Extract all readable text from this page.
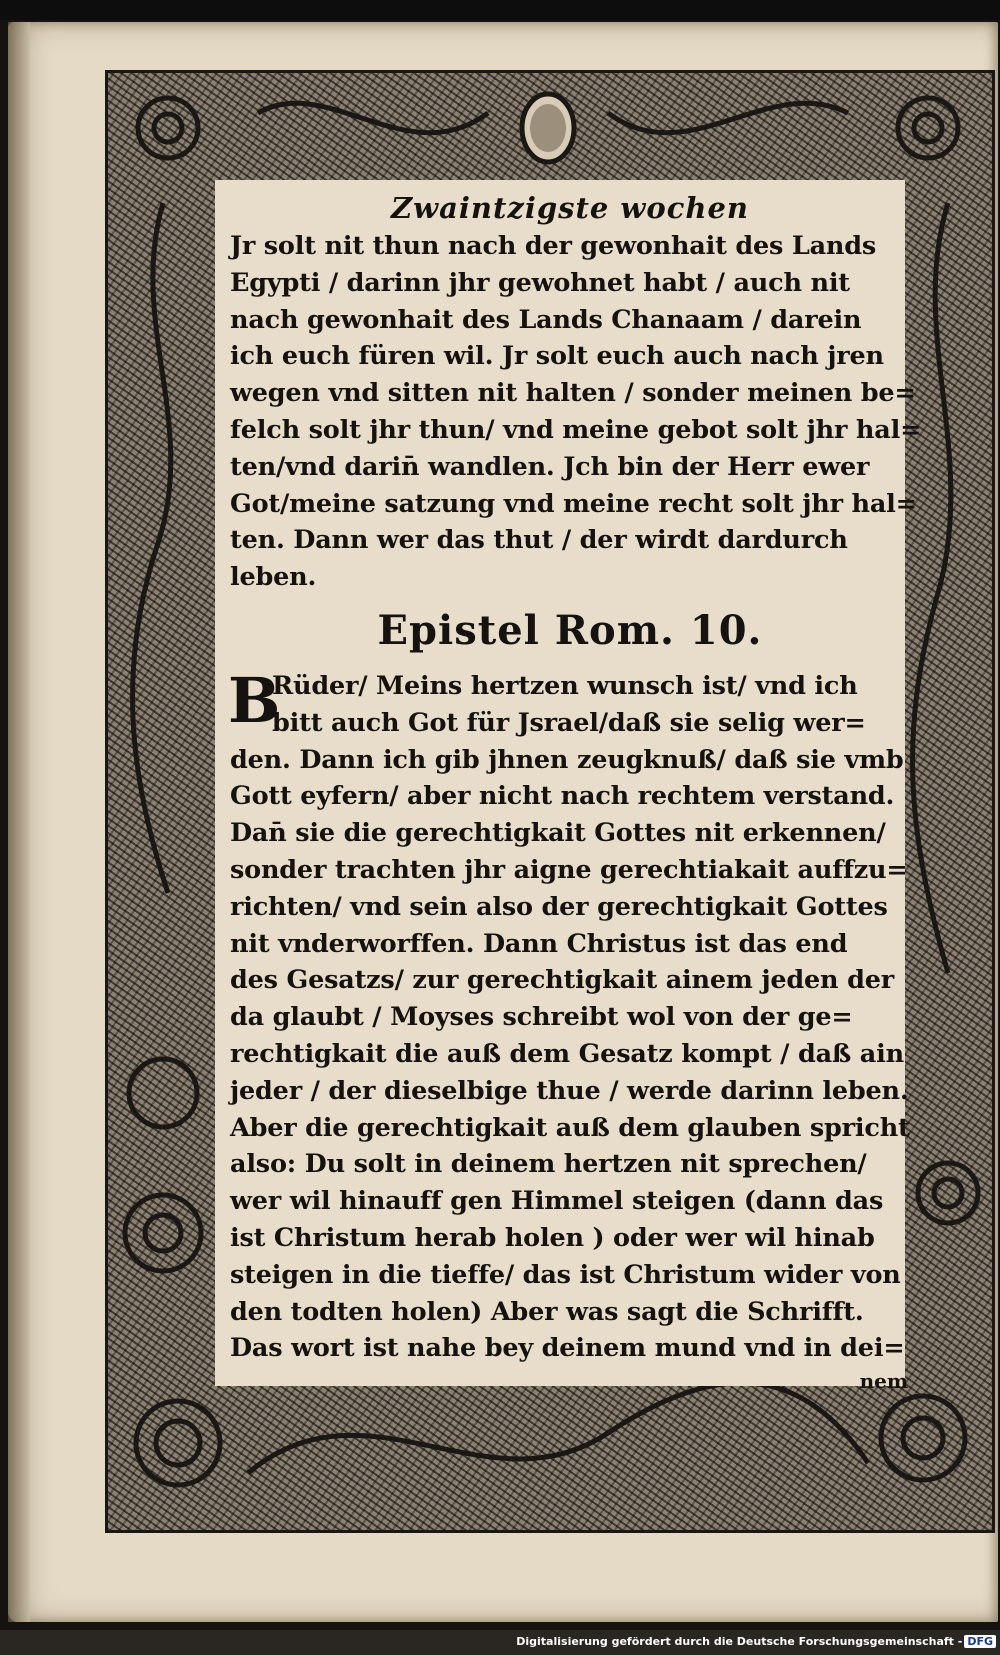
Zwaintzigste wochen
Jr solt nit thun nach der gewonhait des Lands
Egypti / darinn jhr gewohnet habt / auch nit
nach gewonhait des Lands Chanaam / darein
ich euch füren wil. Jr solt euch auch nach jren
wegen vnd sitten nit halten / sonder meinen be=
felch solt jhr thun/ vnd meine gebot solt jhr hal=
ten/vnd darin̄ wandlen. Jch bin der Herr ewer
Got/meine satzung vnd meine recht solt jhr hal=
ten. Dann wer das thut / der wirdt dardurch
leben.
Epistel Rom. 10.
B
Rüder/ Meins hertzen wunsch ist/ vnd ich
bitt auch Got für Jsrael/daß sie selig wer=
den. Dann ich gib jhnen zeugknuß/ daß sie vmb
Gott eyfern/ aber nicht nach rechtem verstand.
Dan̄ sie die gerechtigkait Gottes nit erkennen/
sonder trachten jhr aigne gerechtiakait auffzu=
richten/ vnd sein also der gerechtigkait Gottes
nit vnderworffen. Dann Christus ist das end
des Gesatzs/ zur gerechtigkait ainem jeden der
da glaubt / Moyses schreibt wol von der ge=
rechtigkait die auß dem Gesatz kompt / daß ain
jeder / der dieselbige thue / werde darinn leben.
Aber die gerechtigkait auß dem glauben spricht
also: Du solt in deinem hertzen nit sprechen/
wer wil hinauff gen Himmel steigen (dann das
ist Christum herab holen ) oder wer wil hinab
steigen in die tieffe/ das ist Christum wider von
den todten holen) Aber was sagt die Schrifft.
Das wort ist nahe bey deinem mund vnd in dei=
nem
Digitalisierung gefördert durch die Deutsche Forschungsgemeinschaft - DFG
